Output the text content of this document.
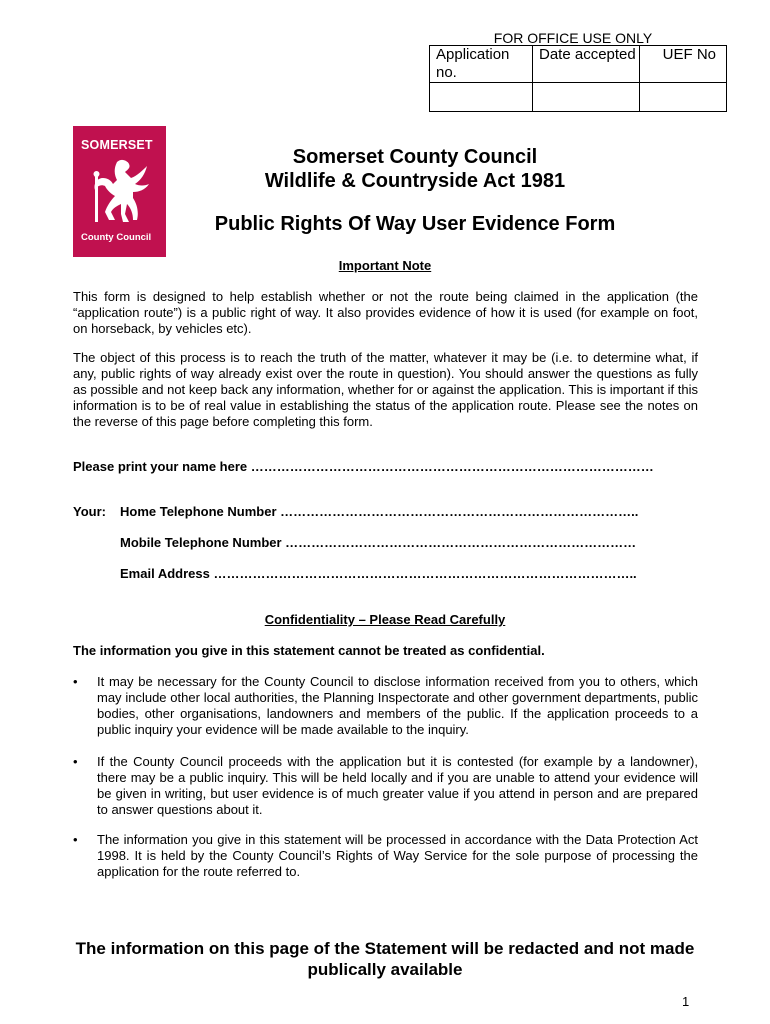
FOR OFFICE USE ONLY
Application no.	Date accepted	UEF No

SOMERSET
County Council
Somerset County Council
Wildlife & Countryside Act 1981
Public Rights Of Way User Evidence Form
Important Note
This form is designed to help establish whether or not the route being claimed in the application (the “application route”) is a public right of way. It also provides evidence of how it is used (for example on foot, on horseback, by vehicles etc).
The object of this process is to reach the truth of the matter, whatever it may be (i.e. to determine what, if any, public rights of way already exist over the route in question). You should answer the questions as fully as possible and not keep back any information, whether for or against the application. This is important if this information is to be of real value in establishing the status of the application route. Please see the notes on the reverse of this page before completing this form.
Please print your name here …………………………………………………………………………………
Your: Home Telephone Number ………………………………………………………………………..
Mobile Telephone Number ………………………………………………………………………
Email Address ……………………………………………………………………………………..
Confidentiality – Please Read Carefully
The information you give in this statement cannot be treated as confidential.
• It may be necessary for the County Council to disclose information received from you to others, which may include other local authorities, the Planning Inspectorate and other government departments, public bodies, other organisations, landowners and members of the public. If the application proceeds to a public inquiry your evidence will be made available to the inquiry.
• If the County Council proceeds with the application but it is contested (for example by a landowner), there may be a public inquiry. This will be held locally and if you are unable to attend your evidence will be given in writing, but user evidence is of much greater value if you attend in person and are prepared to answer questions about it.
• The information you give in this statement will be processed in accordance with the Data Protection Act 1998. It is held by the County Council’s Rights of Way Service for the sole purpose of processing the application for the route referred to.
The information on this page of the Statement will be redacted and not made publically available
1
